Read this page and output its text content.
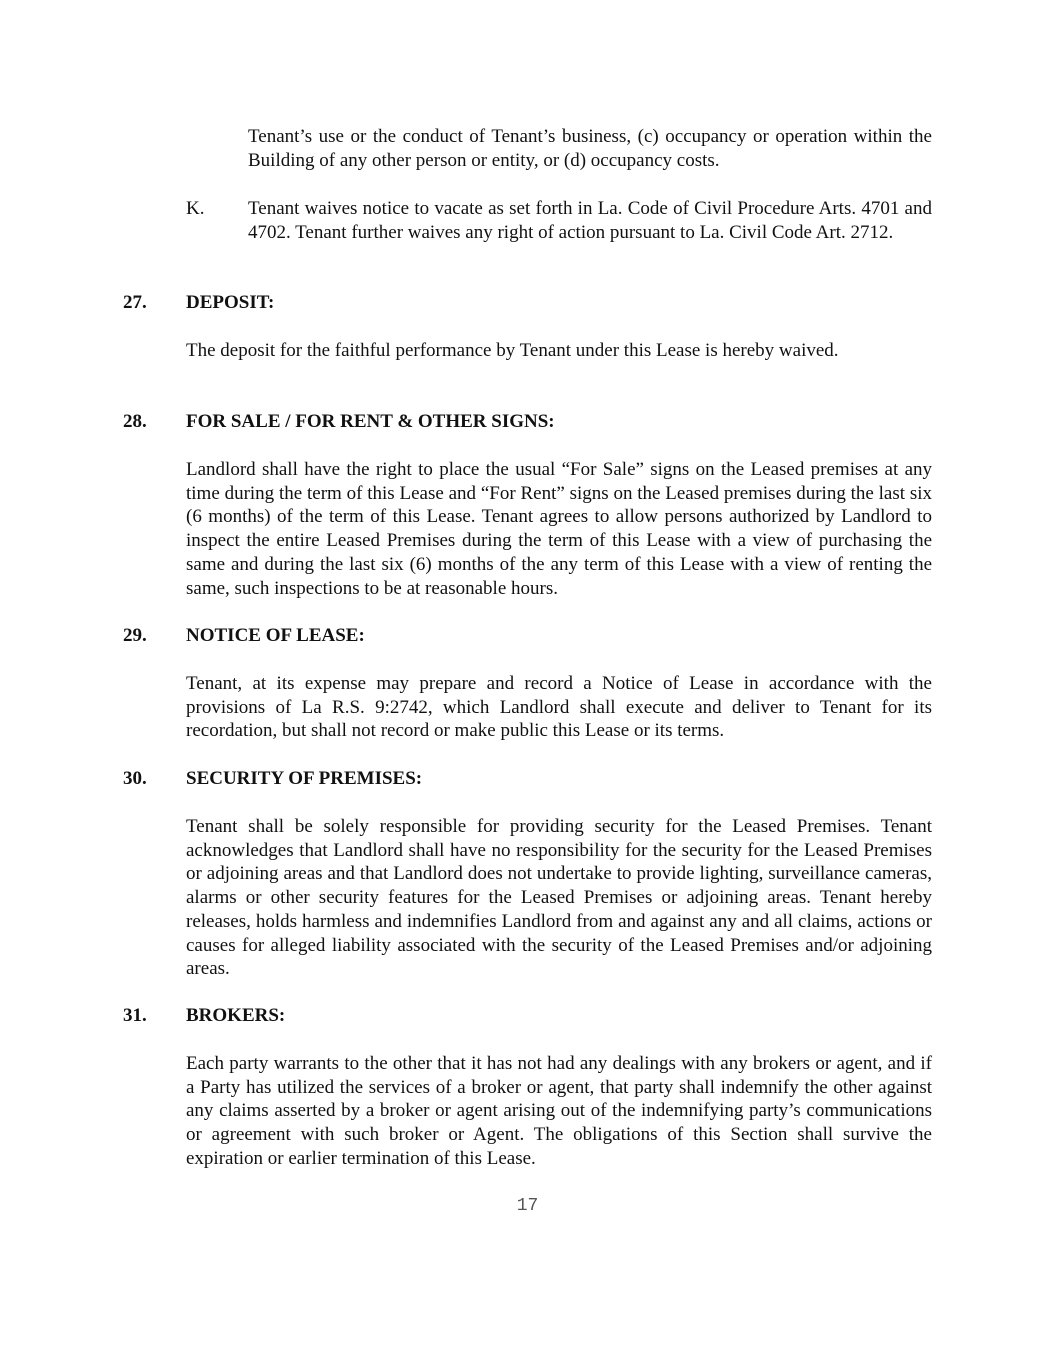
Tenant’s use or the conduct of Tenant’s business, (c) occupancy or operation within the Building of any other person or entity, or (d) occupancy costs.

K. Tenant waives notice to vacate as set forth in La. Code of Civil Procedure Arts. 4701 and 4702. Tenant further waives any right of action pursuant to La. Civil Code Art. 2712.

27. DEPOSIT:

The deposit for the faithful performance by Tenant under this Lease is hereby waived.

28. FOR SALE / FOR RENT & OTHER SIGNS:

Landlord shall have the right to place the usual “For Sale” signs on the Leased premises at any time during the term of this Lease and “For Rent” signs on the Leased premises during the last six (6 months) of the term of this Lease. Tenant agrees to allow persons authorized by Landlord to inspect the entire Leased Premises during the term of this Lease with a view of purchasing the same and during the last six (6) months of the any term of this Lease with a view of renting the same, such inspections to be at reasonable hours.

29. NOTICE OF LEASE:

Tenant, at its expense may prepare and record a Notice of Lease in accordance with the provisions of La R.S. 9:2742, which Landlord shall execute and deliver to Tenant for its recordation, but shall not record or make public this Lease or its terms.

30. SECURITY OF PREMISES:

Tenant shall be solely responsible for providing security for the Leased Premises. Tenant acknowledges that Landlord shall have no responsibility for the security for the Leased Premises or adjoining areas and that Landlord does not undertake to provide lighting, surveillance cameras, alarms or other security features for the Leased Premises or adjoining areas. Tenant hereby releases, holds harmless and indemnifies Landlord from and against any and all claims, actions or causes for alleged liability associated with the security of the Leased Premises and/or adjoining areas.

31. BROKERS:

Each party warrants to the other that it has not had any dealings with any brokers or agent, and if a Party has utilized the services of a broker or agent, that party shall indemnify the other against any claims asserted by a broker or agent arising out of the indemnifying party’s communications or agreement with such broker or Agent. The obligations of this Section shall survive the expiration or earlier termination of this Lease.

17
